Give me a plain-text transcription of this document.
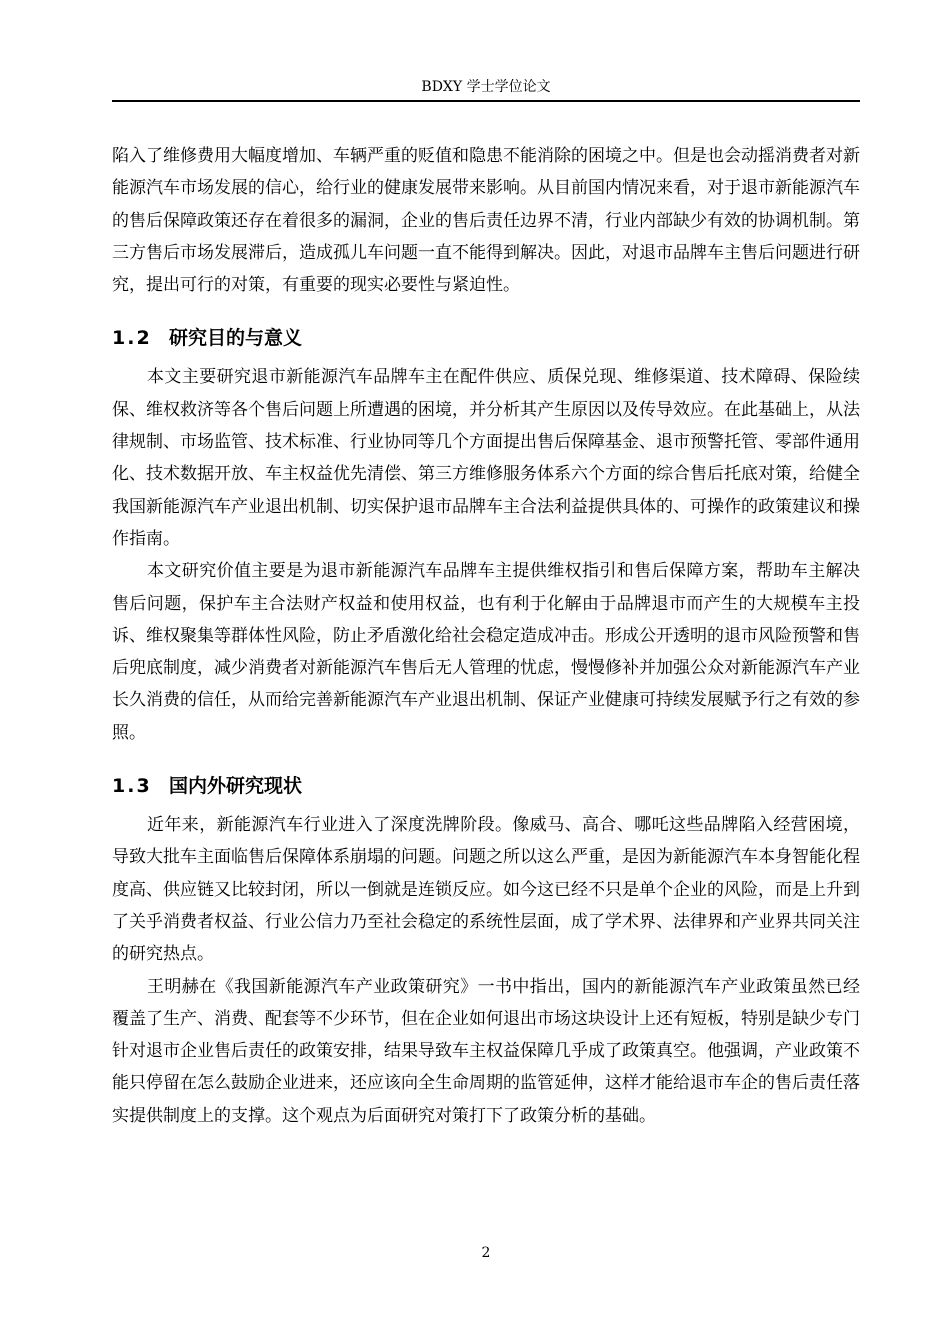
BDXY 学士学位论文

陷入了维修费用大幅度增加、车辆严重的贬值和隐患不能消除的困境之中。但是也会动摇消费者对新能源汽车市场发展的信心，给行业的健康发展带来影响。从目前国内情况来看，对于退市新能源汽车的售后保障政策还存在着很多的漏洞，企业的售后责任边界不清，行业内部缺少有效的协调机制。第三方售后市场发展滞后，造成孤儿车问题一直不能得到解决。因此，对退市品牌车主售后问题进行研究，提出可行的对策，有重要的现实必要性与紧迫性。

1.2 研究目的与意义

本文主要研究退市新能源汽车品牌车主在配件供应、质保兑现、维修渠道、技术障碍、保险续保、维权救济等各个售后问题上所遭遇的困境，并分析其产生原因以及传导效应。在此基础上，从法律规制、市场监管、技术标准、行业协同等几个方面提出售后保障基金、退市预警托管、零部件通用化、技术数据开放、车主权益优先清偿、第三方维修服务体系六个方面的综合售后托底对策，给健全我国新能源汽车产业退出机制、切实保护退市品牌车主合法利益提供具体的、可操作的政策建议和操作指南。

本文研究价值主要是为退市新能源汽车品牌车主提供维权指引和售后保障方案，帮助车主解决售后问题，保护车主合法财产权益和使用权益，也有利于化解由于品牌退市而产生的大规模车主投诉、维权聚集等群体性风险，防止矛盾激化给社会稳定造成冲击。形成公开透明的退市风险预警和售后兜底制度，减少消费者对新能源汽车售后无人管理的忧虑，慢慢修补并加强公众对新能源汽车产业长久消费的信任，从而给完善新能源汽车产业退出机制、保证产业健康可持续发展赋予行之有效的参照。

1.3 国内外研究现状

近年来，新能源汽车行业进入了深度洗牌阶段。像威马、高合、哪吒这些品牌陷入经营困境，导致大批车主面临售后保障体系崩塌的问题。问题之所以这么严重，是因为新能源汽车本身智能化程度高、供应链又比较封闭，所以一倒就是连锁反应。如今这已经不只是单个企业的风险，而是上升到了关乎消费者权益、行业公信力乃至社会稳定的系统性层面，成了学术界、法律界和产业界共同关注的研究热点。

王明赫在《我国新能源汽车产业政策研究》一书中指出，国内的新能源汽车产业政策虽然已经覆盖了生产、消费、配套等不少环节，但在企业如何退出市场这块设计上还有短板，特别是缺少专门针对退市企业售后责任的政策安排，结果导致车主权益保障几乎成了政策真空。他强调，产业政策不能只停留在怎么鼓励企业进来，还应该向全生命周期的监管延伸，这样才能给退市车企的售后责任落实提供制度上的支撑。这个观点为后面研究对策打下了政策分析的基础。

2
